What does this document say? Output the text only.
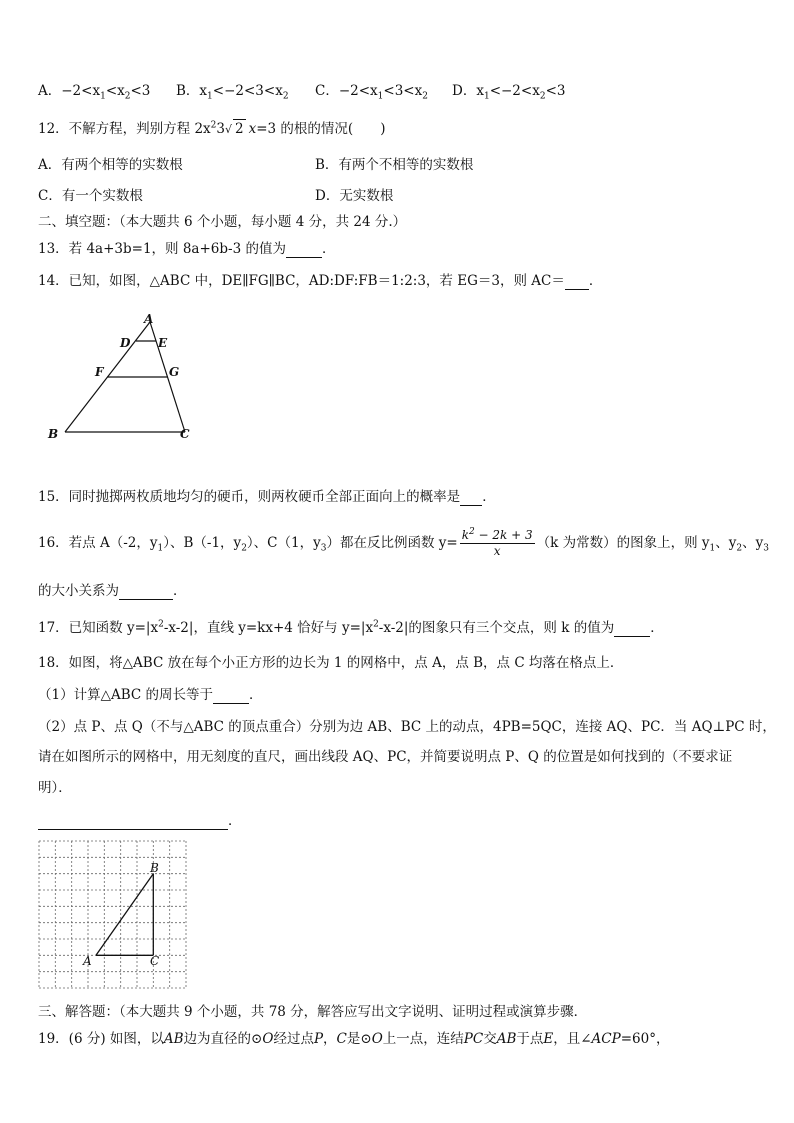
A．$-2<x_1<x_2<3$ B．$x_1<-2<3<x_2$ C．$-2<x_1<3<x_2$ D．$x_1<-2<x_2<3$
12．不解方程，判别方程 $2x^23√$ 2 x=3 的根的情况(　　)
A．有两个相等的实数根	B．有两个不相等的实数根
C．有一个实数根	D．无实数根
二、填空题：（本大题共 6 个小题，每小题 4 分，共 24 分.）
13．若 4a+3b=1，则 8a+6b-3 的值为	．
14．已知，如图，△ABC 中，DE∥FG∥BC，AD:DF:FB＝1:2:3，若 EG＝3，则 AC＝ ．
A
D E
F	G
B	C
15．同时抛掷两枚质地均匀的硬币，则两枚硬币全部正面向上的概率是 ．
16．若点 A（-2，$y_1$）、B（-1，$y_2$）、C（1，$y_3$）都在反比例函数 $y= \frac{k^2 - 2k + 3}{x} (k$ 为常数）的图象上，则 $y_1$、$y_2$、$y_3$
的大小关系为	．
17．已知函数 $y=|x^2-x-2|$，直线 y=kx+4 恰好与 $y=|x^2-x-2|$的图象只有三个交点，则 k 的值为	．
18．如图，将△ABC 放在每个小正方形的边长为 1 的网格中，点 A，点 B，点 C 均落在格点上．
（1）计算△ABC 的周长等于	．
（2）点 P、点 Q（不与△ABC 的顶点重合）分别为边 AB、BC 上的动点，4PB=5QC，连接 AQ、PC．当 AQ⊥PC 时，
请在如图所示的网格中，用无刻度的直尺，画出线段 AQ、PC，并简要说明点 P、Q 的位置是如何找到的（不要求证
明）．
．
B
A	C
三、解答题：（本大题共 9 个小题，共 78 分，解答应写出文字说明、证明过程或演算步骤．
19．(6 分) 如图，以AB边为直径的⊙O经过点P，C是⊙O上一点，连结PC交AB于点E，且∠ACP=60°，
